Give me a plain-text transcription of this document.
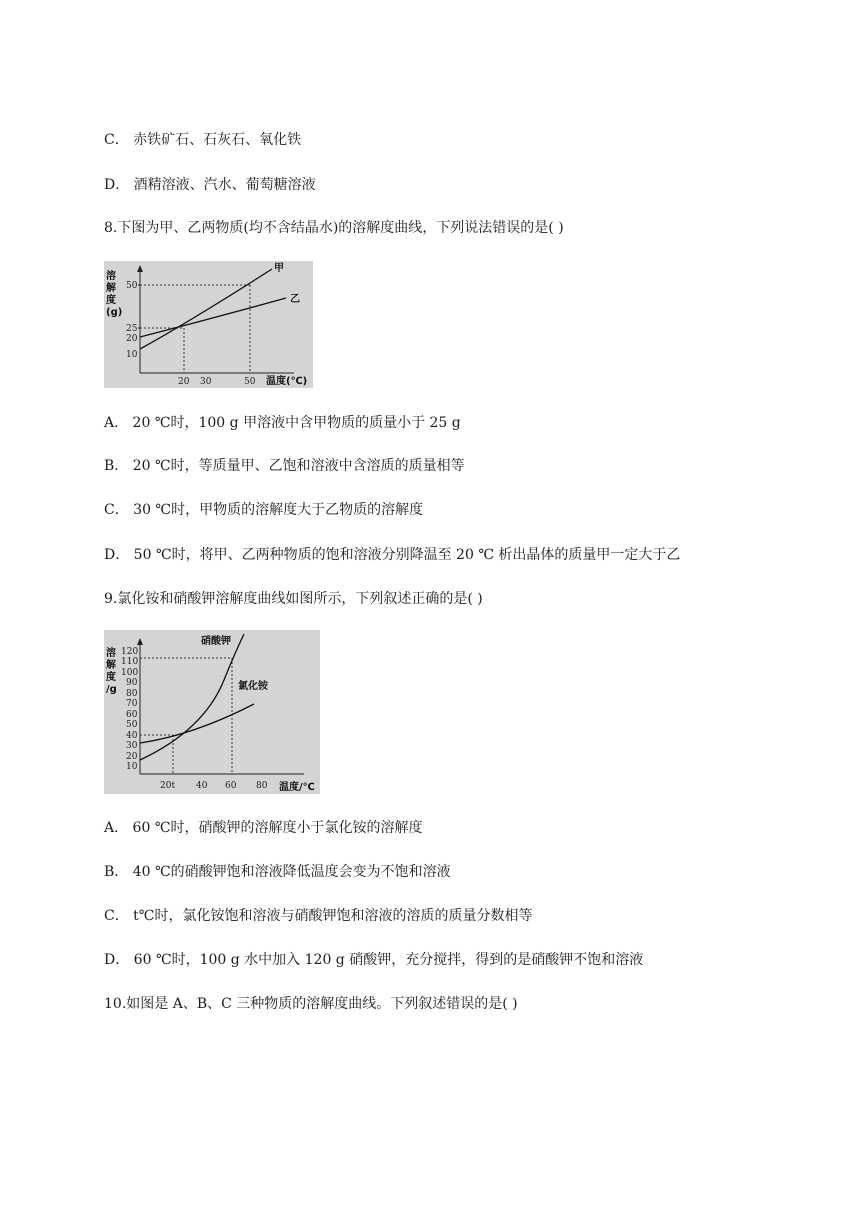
C． 赤铁矿石、石灰石、氧化铁
D． 酒精溶液、汽水、葡萄糖溶液
8.下图为甲、乙两物质(均不含结晶水)的溶解度曲线，下列说法错误的是( )
溶
解
度
(g)
50
25
20
10
甲
乙
20 30	50 温度(℃)
A． 20 ℃时，100 g 甲溶液中含甲物质的质量小于 25 g
B． 20 ℃时，等质量甲、乙饱和溶液中含溶质的质量相等
C． 30 ℃时，甲物质的溶解度大于乙物质的溶解度
D． 50 ℃时，将甲、乙两种物质的饱和溶液分别降温至 20 ℃ 析出晶体的质量甲一定大于乙
9.氯化铵和硝酸钾溶解度曲线如图所示，下列叙述正确的是( )
溶
解
度
/g
120
110
100
90
80
70
60
50
40
30
20
10
硝酸钾
氯化铵
20t 40 60 80 温度/℃
A． 60 ℃时，硝酸钾的溶解度小于氯化铵的溶解度
B． 40 ℃的硝酸钾饱和溶液降低温度会变为不饱和溶液
C． t℃时，氯化铵饱和溶液与硝酸钾饱和溶液的溶质的质量分数相等
D． 60 ℃时，100 g 水中加入 120 g 硝酸钾，充分搅拌，得到的是硝酸钾不饱和溶液
10.如图是 A、B、C 三种物质的溶解度曲线。下列叙述错误的是( )
